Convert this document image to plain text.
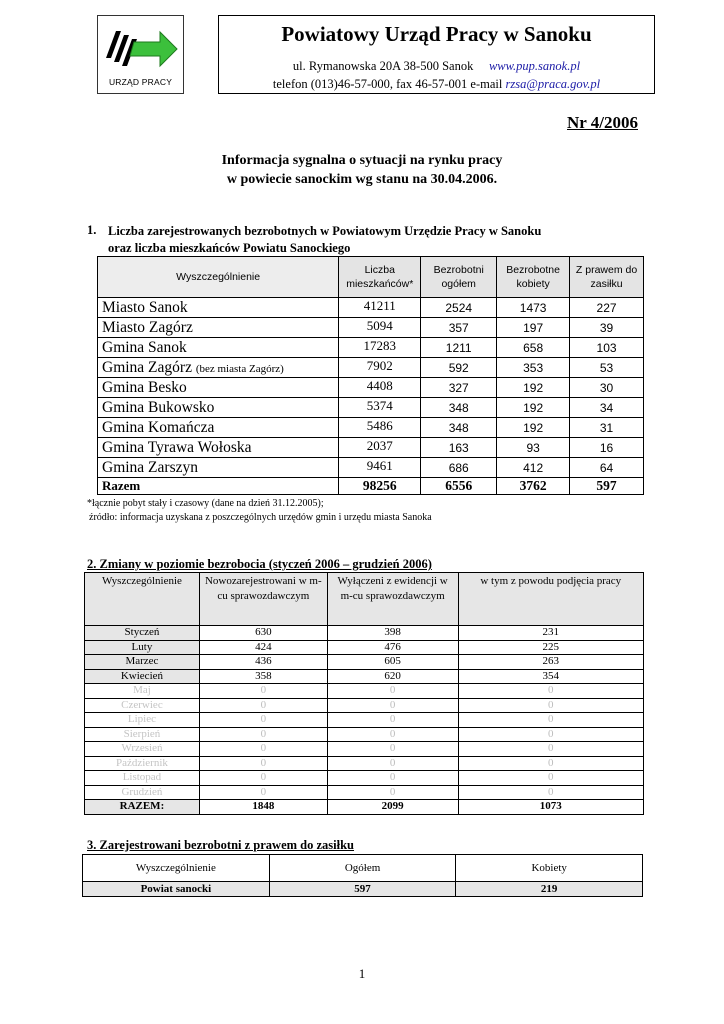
URZĄD PRACY
Powiatowy Urząd Pracy w Sanoku
ul. Rymanowska 20A 38-500 Sanok www.pup.sanok.pl
telefon (013)46-57-000, fax 46-57-001 e-mail rzsa@praca.gov.pl
Nr 4/2006
Informacja sygnalna o sytuacji na rynku pracy
w powiecie sanockim wg stanu na 30.04.2006.
1. Liczba zarejestrowanych bezrobotnych w Powiatowym Urzędzie Pracy w Sanoku
oraz liczba mieszkańców Powiatu Sanockiego
Wyszczególnienie	Liczba mieszkańców*	Bezrobotni ogółem	Bezrobotne kobiety	Z prawem do zasiłku
Miasto Sanok	41211	2524	1473	227
Miasto Zagórz	5094	357	197	39
Gmina Sanok	17283	1211	658	103
Gmina Zagórz (bez miasta Zagórz)	7902	592	353	53
Gmina Besko	4408	327	192	30
Gmina Bukowsko	5374	348	192	34
Gmina Komańcza	5486	348	192	31
Gmina Tyrawa Wołoska	2037	163	93	16
Gmina Zarszyn	9461	686	412	64
Razem	98256	6556	3762	597
*łącznie pobyt stały i czasowy (dane na dzień 31.12.2005);
źródło: informacja uzyskana z poszczególnych urzędów gmin i urzędu miasta Sanoka
2. Zmiany w poziomie bezrobocia (styczeń 2006 – grudzień 2006)
Wyszczególnienie	Nowozarejestrowani w m-cu sprawozdawczym	Wyłączeni z ewidencji w m-cu sprawozdawczym	w tym z powodu podjęcia pracy
Styczeń	630	398	231
Luty	424	476	225
Marzec	436	605	263
Kwiecień	358	620	354
Maj	0	0	0
Czerwiec	0	0	0
Lipiec	0	0	0
Sierpień	0	0	0
Wrzesień	0	0	0
Październik	0	0	0
Listopad	0	0	0
Grudzień	0	0	0
RAZEM:	1848	2099	1073
3. Zarejestrowani bezrobotni z prawem do zasiłku
Wyszczególnienie	Ogółem	Kobiety
Powiat sanocki	597	219
1
